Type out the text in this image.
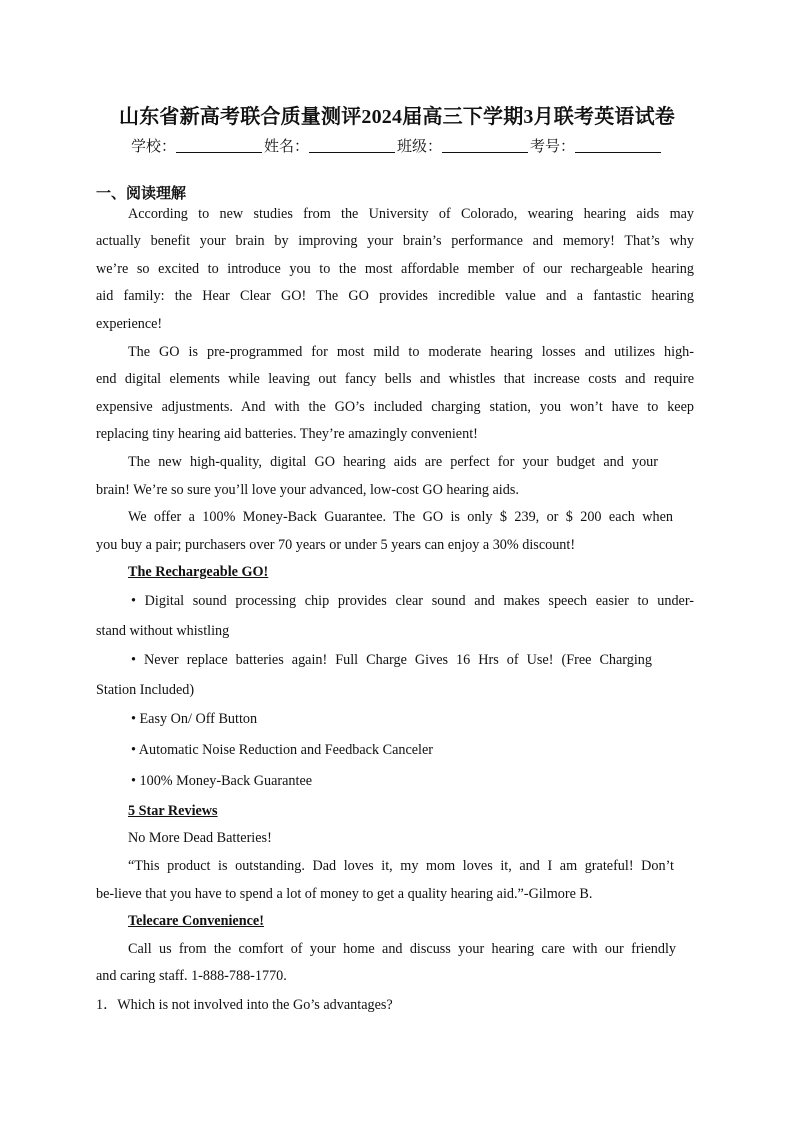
山东省新高考联合质量测评2024届高三下学期3月联考英语试卷
学校：	姓名：	班级：	考号：
一、阅读理解
According to new studies from the University of Colorado, wearing hearing aids may
actually benefit your brain by improving your brain’s performance and memory! That’s why
we’re so excited to introduce you to the most affordable member of our rechargeable hearing
aid family: the Hear Clear GO! The GO provides incredible value and a fantastic hearing
experience!
The GO is pre-programmed for most mild to moderate hearing losses and utilizes high-
end digital elements while leaving out fancy bells and whistles that increase costs and require
expensive adjustments. And with the GO’s included charging station, you won’t have to keep
replacing tiny hearing aid batteries. They’re amazingly convenient!
The new high-quality, digital GO hearing aids are perfect for your budget and your
brain! We’re so sure you’ll love your advanced, low-cost GO hearing aids.
We offer a 100% Money-Back Guarantee. The GO is only $ 239, or $ 200 each when
you buy a pair; purchasers over 70 years or under 5 years can enjoy a 30% discount!
The Rechargeable GO!
• Digital sound processing chip provides clear sound and makes speech easier to under-
stand without whistling
• Never replace batteries again! Full Charge Gives 16 Hrs of Use! (Free Charging
Station Included)
• Easy On/ Off Button
• Automatic Noise Reduction and Feedback Canceler
• 100% Money-Back Guarantee
5 Star Reviews
No More Dead Batteries!
“This product is outstanding. Dad loves it, my mom loves it, and I am grateful! Don’t
be-lieve that you have to spend a lot of money to get a quality hearing aid.”-Gilmore B.
Telecare Convenience!
Call us from the comfort of your home and discuss your hearing care with our friendly
and caring staff. 1-888-788-1770.
1．Which is not involved into the Go’s advantages?
